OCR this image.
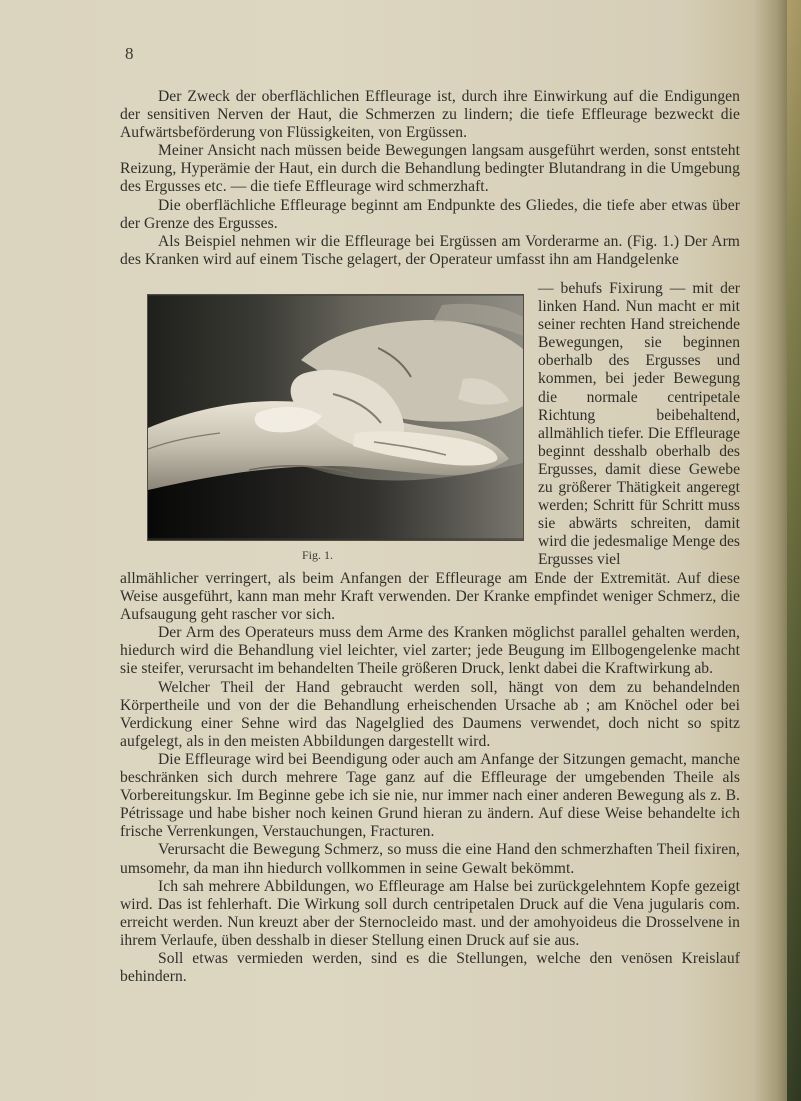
8

Der Zweck der oberflächlichen Effleurage ist, durch ihre Einwirkung auf die Endigungen der sensitiven Nerven der Haut, die Schmerzen zu lindern; die tiefe Effleurage bezweckt die Aufwärtsbeförderung von Flüssigkeiten, von Ergüssen.

Meiner Ansicht nach müssen beide Bewegungen langsam ausgeführt werden, sonst entsteht Reizung, Hyperämie der Haut, ein durch die Behandlung bedingter Blutandrang in die Umgebung des Ergusses etc. — die tiefe Effleurage wird schmerzhaft.

Die oberflächliche Effleurage beginnt am Endpunkte des Gliedes, die tiefe aber etwas über der Grenze des Ergusses.

Als Beispiel nehmen wir die Effleurage bei Ergüssen am Vorderarme an. (Fig. 1.) Der Arm des Kranken wird auf einem Tische gelagert, der Operateur umfasst ihn am Handgelenke

— behufs Fixirung — mit der linken Hand. Nun macht er mit seiner rechten Hand streichende Bewegungen, sie beginnen oberhalb des Ergusses und kommen, bei jeder Bewegung die normale centripetale Richtung beibehaltend, allmählich tiefer. Die Effleurage beginnt desshalb oberhalb des Ergusses, damit diese Gewebe zu größerer Thätigkeit angeregt werden; Schritt für Schritt muss sie abwärts schreiten, damit wird die jedesmalige Menge des Ergusses viel

Fig. 1.

allmählicher verringert, als beim Anfangen der Effleurage am Ende der Extremität. Auf diese Weise ausgeführt, kann man mehr Kraft verwenden. Der Kranke empfindet weniger Schmerz, die Aufsaugung geht rascher vor sich.

Der Arm des Operateurs muss dem Arme des Kranken möglichst parallel gehalten werden, hiedurch wird die Behandlung viel leichter, viel zarter; jede Beugung im Ellbogengelenke macht sie steifer, verursacht im behandelten Theile größeren Druck, lenkt dabei die Kraftwirkung ab.

Welcher Theil der Hand gebraucht werden soll, hängt von dem zu behandelnden Körpertheile und von der die Behandlung erheischenden Ursache ab ; am Knöchel oder bei Verdickung einer Sehne wird das Nagelglied des Daumens verwendet, doch nicht so spitz aufgelegt, als in den meisten Abbildungen dargestellt wird.

Die Effleurage wird bei Beendigung oder auch am Anfange der Sitzungen gemacht, manche beschränken sich durch mehrere Tage ganz auf die Effleurage der umgebenden Theile als Vorbereitungskur. Im Beginne gebe ich sie nie, nur immer nach einer anderen Bewegung als z. B. Pétrissage und habe bisher noch keinen Grund hieran zu ändern. Auf diese Weise behandelte ich frische Verrenkungen, Verstauchungen, Fracturen.

Verursacht die Bewegung Schmerz, so muss die eine Hand den schmerzhaften Theil fixiren, umsomehr, da man ihn hiedurch vollkommen in seine Gewalt bekömmt.

Ich sah mehrere Abbildungen, wo Effleurage am Halse bei zurückgelehntem Kopfe gezeigt wird. Das ist fehlerhaft. Die Wirkung soll durch centripetalen Druck auf die Vena jugularis com. erreicht werden. Nun kreuzt aber der Sternocleido mast. und der amohyoideus die Drosselvene in ihrem Verlaufe, üben desshalb in dieser Stellung einen Druck auf sie aus.

Soll etwas vermieden werden, sind es die Stellungen, welche den venösen Kreislauf behindern.
